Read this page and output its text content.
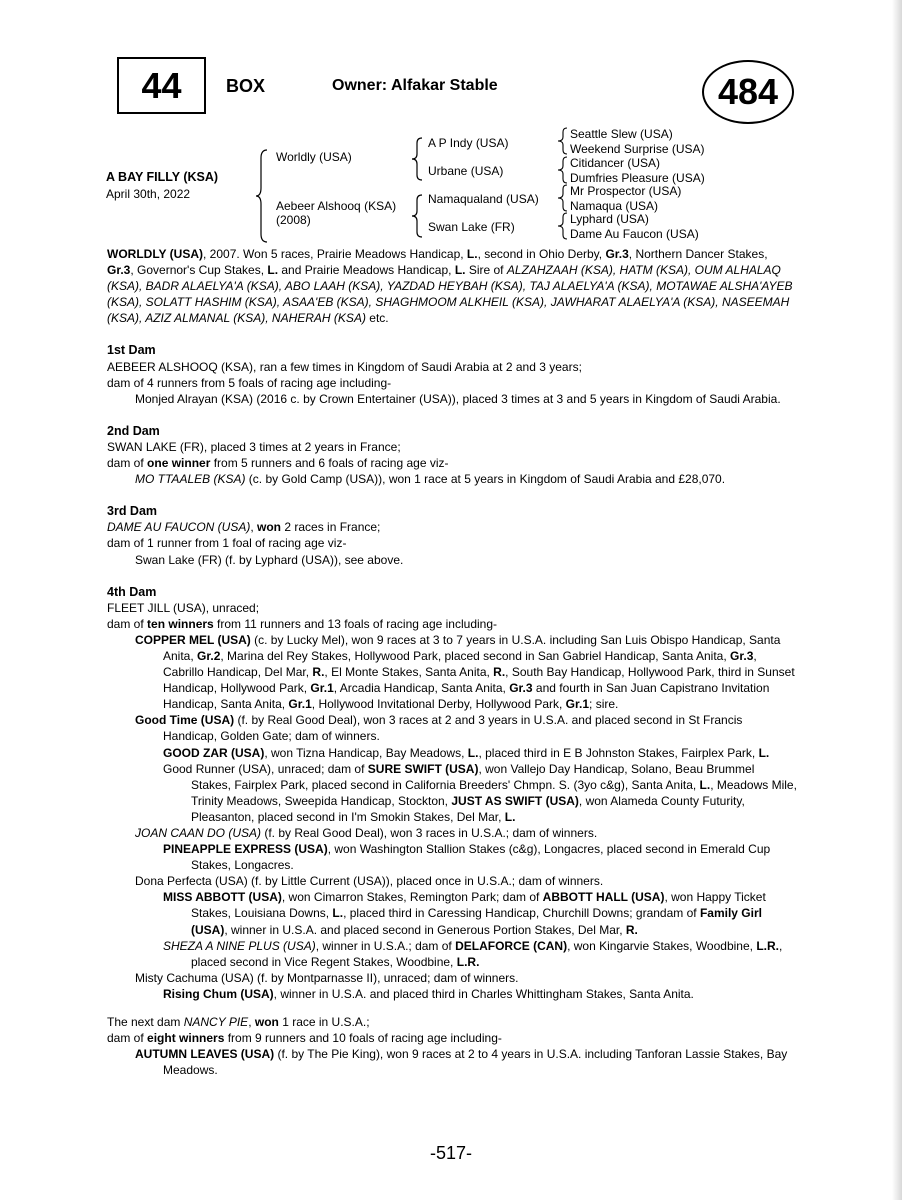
44	BOX	Owner: Alfakar Stable	484
A BAY FILLY (KSA)
April 30th, 2022
Worldly (USA)
Aebeer Alshooq (KSA)
(2008)
A P Indy (USA)
Urbane (USA)
Namaqualand (USA)
Swan Lake (FR)
Seattle Slew (USA)
Weekend Surprise (USA)
Citidancer (USA)
Dumfries Pleasure (USA)
Mr Prospector (USA)
Namaqua (USA)
Lyphard (USA)
Dame Au Faucon (USA)

WORLDLY (USA), 2007. Won 5 races, Prairie Meadows Handicap, L., second in Ohio Derby, Gr.3, Northern Dancer Stakes, Gr.3, Governor's Cup Stakes, L. and Prairie Meadows Handicap, L. Sire of ALZAHZAAH (KSA), HATM (KSA), OUM ALHALAQ (KSA), BADR ALAELYA'A (KSA), ABO LAAH (KSA), YAZDAD HEYBAH (KSA), TAJ ALAELYA'A (KSA), MOTAWAE ALSHA'AYEB (KSA), SOLATT HASHIM (KSA), ASAA'EB (KSA), SHAGHMOOM ALKHEIL (KSA), JAWHARAT ALAELYA'A (KSA), NASEEMAH (KSA), AZIZ ALMANAL (KSA), NAHERAH (KSA) etc.

1st Dam

AEBEER ALSHOOQ (KSA), ran a few times in Kingdom of Saudi Arabia at 2 and 3 years;

dam of 4 runners from 5 foals of racing age including-

Monjed Alrayan (KSA) (2016 c. by Crown Entertainer (USA)), placed 3 times at 3 and 5 years in Kingdom of Saudi Arabia.

2nd Dam

SWAN LAKE (FR), placed 3 times at 2 years in France;

dam of one winner from 5 runners and 6 foals of racing age viz-

MO TTAALEB (KSA) (c. by Gold Camp (USA)), won 1 race at 5 years in Kingdom of Saudi Arabia and £28,070.

3rd Dam

DAME AU FAUCON (USA), won 2 races in France;

dam of 1 runner from 1 foal of racing age viz-

Swan Lake (FR) (f. by Lyphard (USA)), see above.

4th Dam

FLEET JILL (USA), unraced;

dam of ten winners from 11 runners and 13 foals of racing age including-

COPPER MEL (USA) (c. by Lucky Mel), won 9 races at 3 to 7 years in U.S.A. including San Luis Obispo Handicap, Santa Anita, Gr.2, Marina del Rey Stakes, Hollywood Park, placed second in San Gabriel Handicap, Santa Anita, Gr.3, Cabrillo Handicap, Del Mar, R., El Monte Stakes, Santa Anita, R., South Bay Handicap, Hollywood Park, third in Sunset Handicap, Hollywood Park, Gr.1, Arcadia Handicap, Santa Anita, Gr.3 and fourth in San Juan Capistrano Invitation Handicap, Santa Anita, Gr.1, Hollywood Invitational Derby, Hollywood Park, Gr.1; sire.

Good Time (USA) (f. by Real Good Deal), won 3 races at 2 and 3 years in U.S.A. and placed second in St Francis Handicap, Golden Gate; dam of winners.

GOOD ZAR (USA), won Tizna Handicap, Bay Meadows, L., placed third in E B Johnston Stakes, Fairplex Park, L.

Good Runner (USA), unraced; dam of SURE SWIFT (USA), won Vallejo Day Handicap, Solano, Beau Brummel Stakes, Fairplex Park, placed second in California Breeders' Chmpn. S. (3yo c&g), Santa Anita, L., Meadows Mile, Trinity Meadows, Sweepida Handicap, Stockton, JUST AS SWIFT (USA), won Alameda County Futurity, Pleasanton, placed second in I'm Smokin Stakes, Del Mar, L.

JOAN CAAN DO (USA) (f. by Real Good Deal), won 3 races in U.S.A.; dam of winners.

PINEAPPLE EXPRESS (USA), won Washington Stallion Stakes (c&g), Longacres, placed second in Emerald Cup Stakes, Longacres.

Dona Perfecta (USA) (f. by Little Current (USA)), placed once in U.S.A.; dam of winners.

MISS ABBOTT (USA), won Cimarron Stakes, Remington Park; dam of ABBOTT HALL (USA), won Happy Ticket Stakes, Louisiana Downs, L., placed third in Caressing Handicap, Churchill Downs; grandam of Family Girl (USA), winner in U.S.A. and placed second in Generous Portion Stakes, Del Mar, R.

SHEZA A NINE PLUS (USA), winner in U.S.A.; dam of DELAFORCE (CAN), won Kingarvie Stakes, Woodbine, L.R., placed second in Vice Regent Stakes, Woodbine, L.R.

Misty Cachuma (USA) (f. by Montparnasse II), unraced; dam of winners.

Rising Chum (USA), winner in U.S.A. and placed third in Charles Whittingham Stakes, Santa Anita.

The next dam NANCY PIE, won 1 race in U.S.A.;

dam of eight winners from 9 runners and 10 foals of racing age including-

AUTUMN LEAVES (USA) (f. by The Pie King), won 9 races at 2 to 4 years in U.S.A. including Tanforan Lassie Stakes, Bay Meadows.

-517-
